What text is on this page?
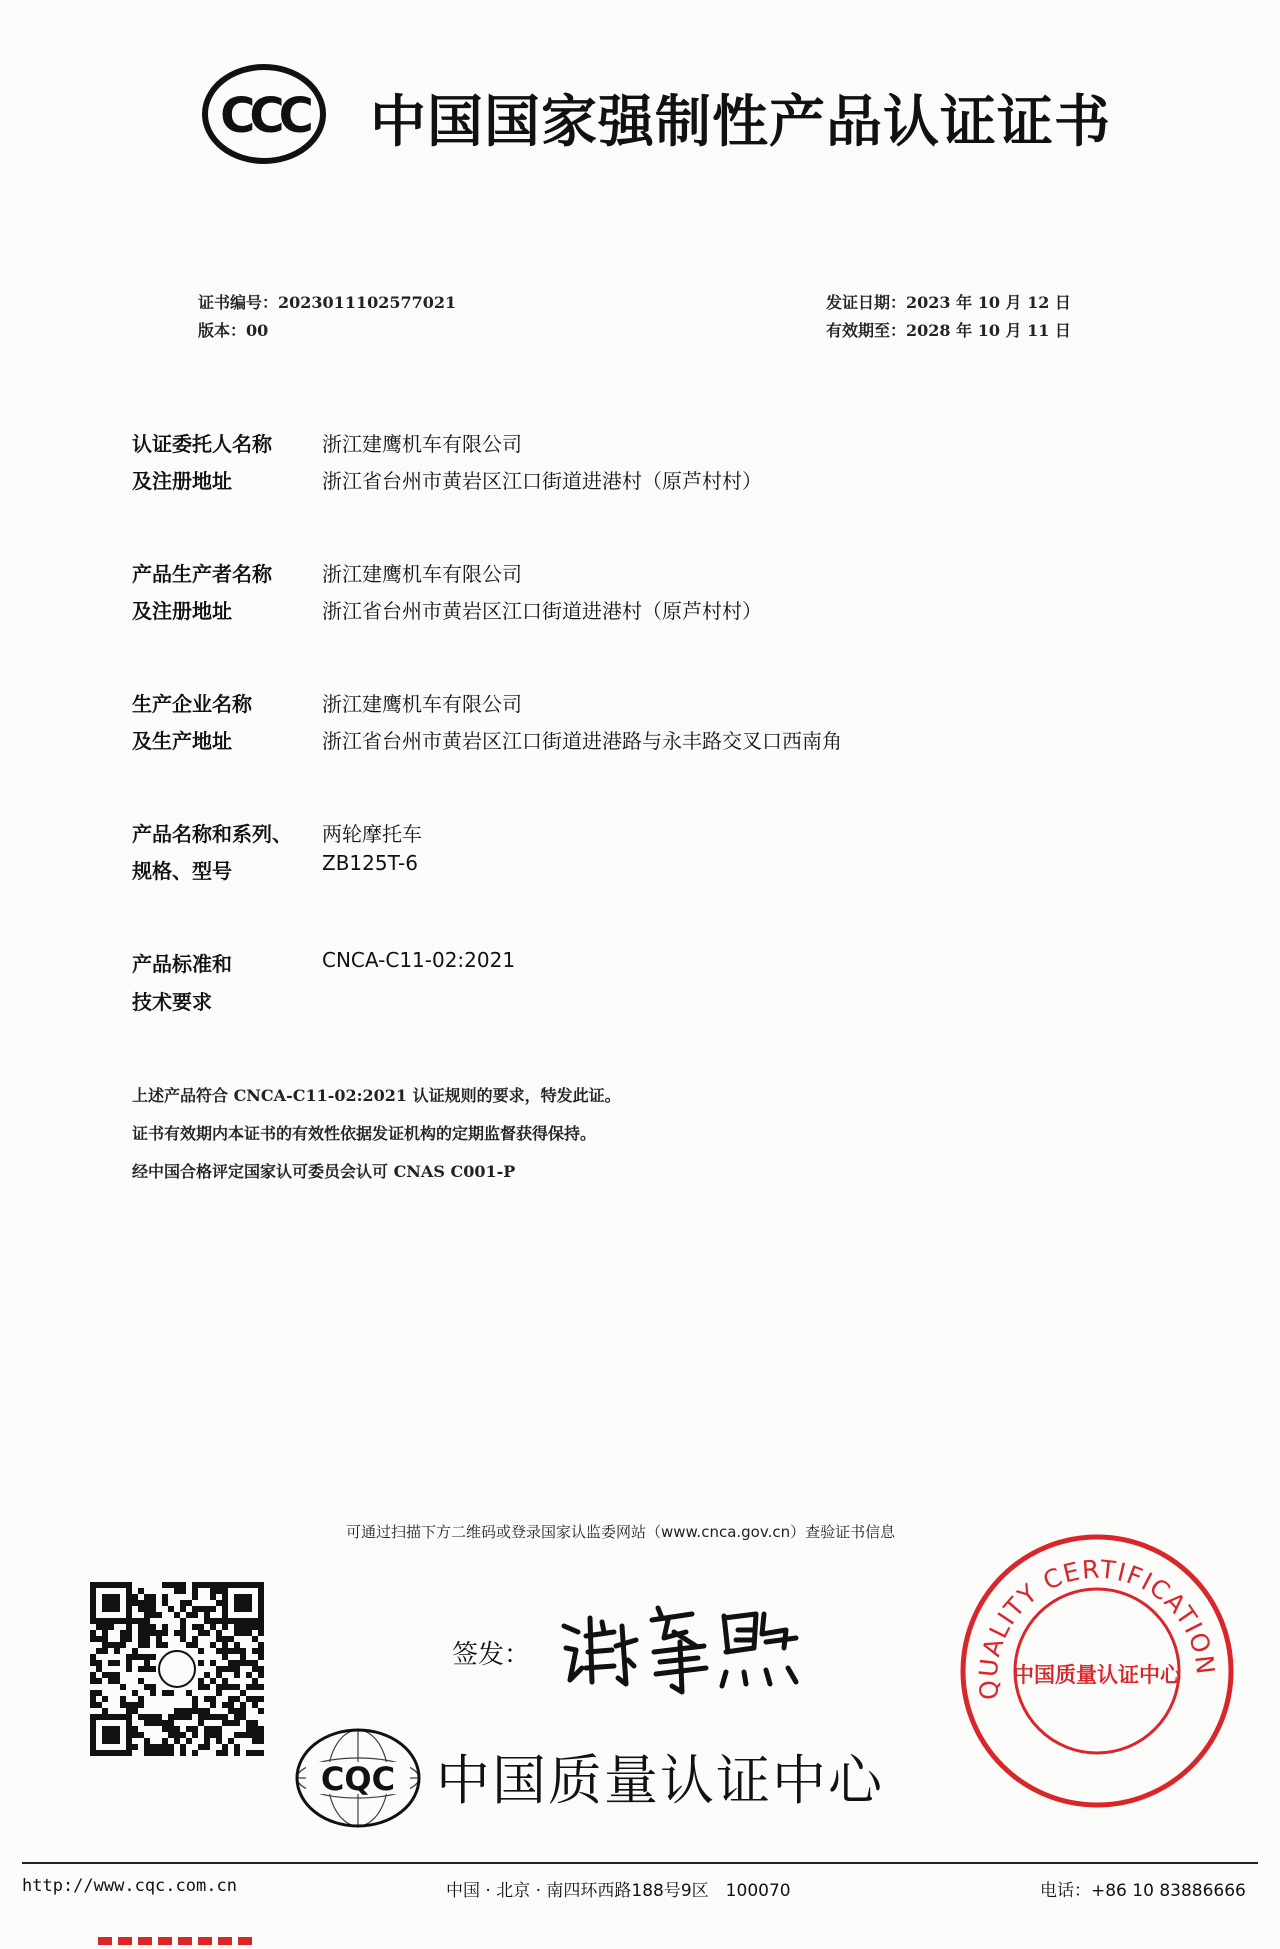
CCC 中国国家强制性产品认证证书
证书编号：2023011102577021
版本：00
发证日期：2023 年 10 月 12 日
有效期至：2028 年 10 月 11 日
认证委托人名称
及注册地址
浙江建鹰机车有限公司
浙江省台州市黄岩区江口街道进港村（原芦村村）
产品生产者名称
及注册地址
浙江建鹰机车有限公司
浙江省台州市黄岩区江口街道进港村（原芦村村）
生产企业名称
及生产地址
浙江建鹰机车有限公司
浙江省台州市黄岩区江口街道进港路与永丰路交叉口西南角
产品名称和系列、
规格、型号
两轮摩托车
ZB125T-6
产品标准和
技术要求
CNCA-C11-02:2021
上述产品符合 CNCA-C11-02:2021 认证规则的要求，特发此证。
证书有效期内本证书的有效性依据发证机构的定期监督获得保持。
经中国合格评定国家认可委员会认可 CNAS C001-P
可通过扫描下方二维码或登录国家认监委网站（www.cnca.gov.cn）查验证书信息
签发：
CQC 中国质量认证中心
QUALITY CERTIFICATION
中国质量认证中心
http://www.cqc.com.cn	中国 · 北京 · 南四环西路188号9区　100070	电话：+86 10 83886666
